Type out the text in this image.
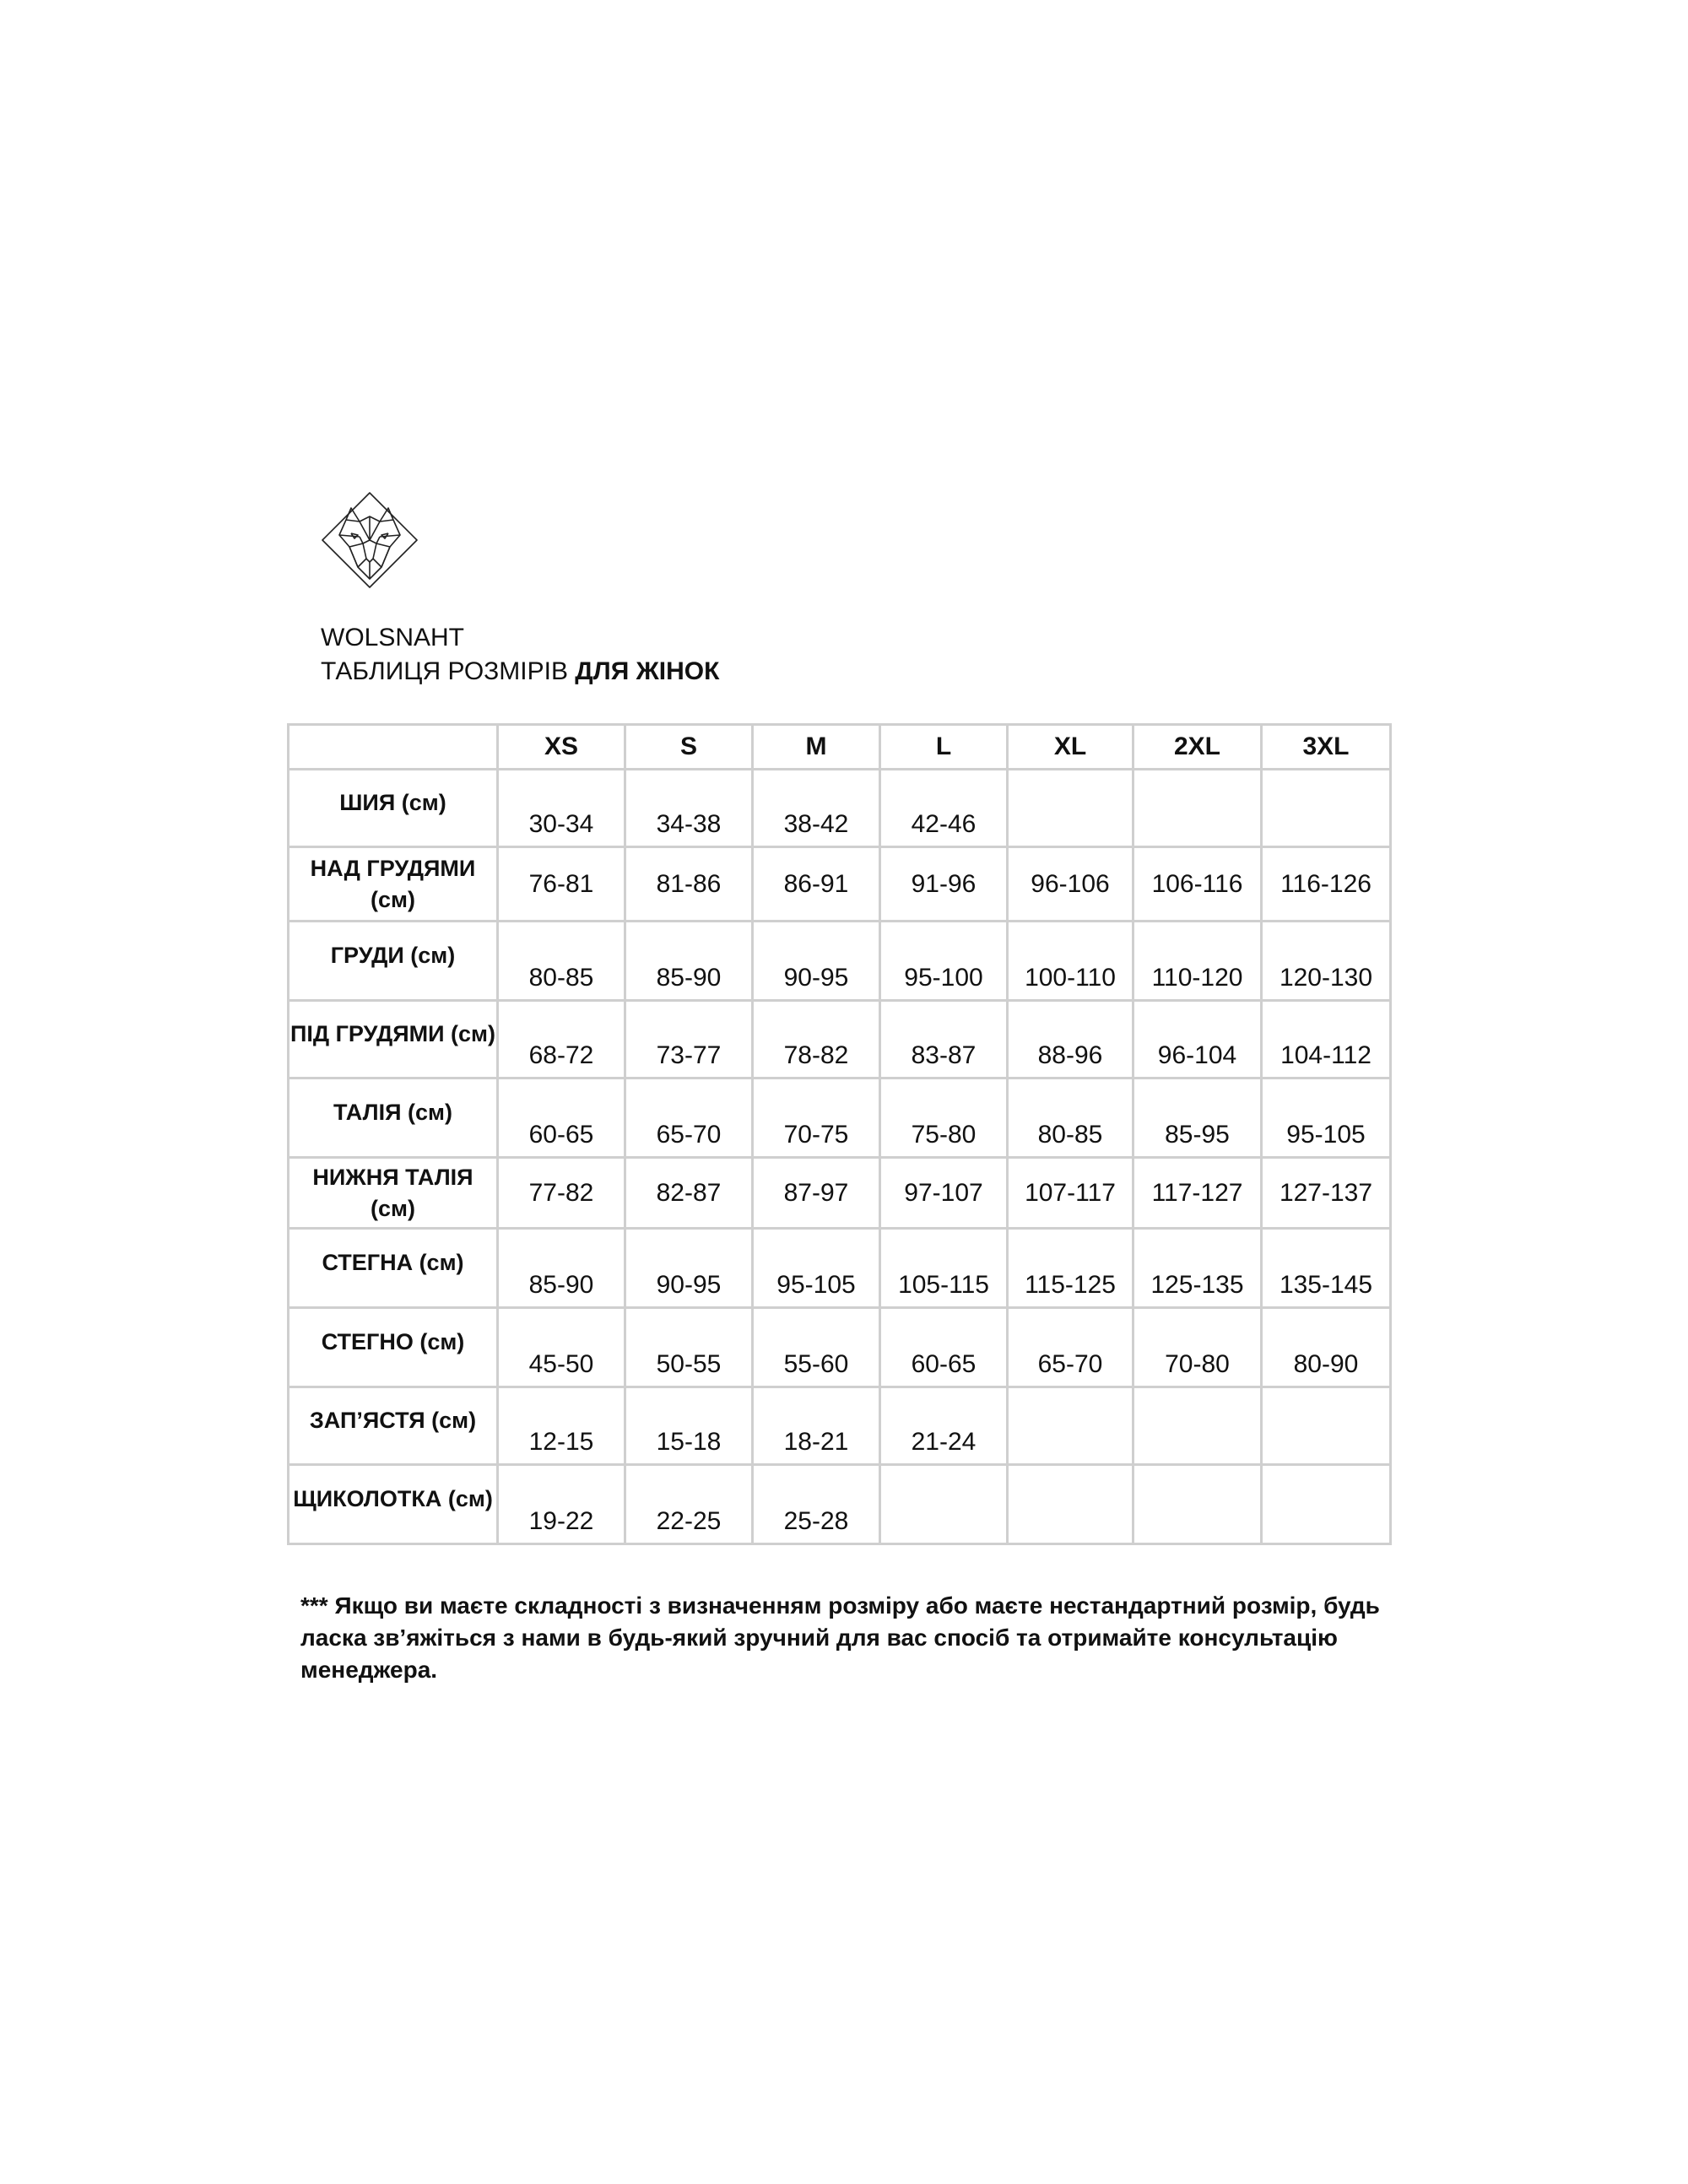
WOLSNAHT
ТАБЛИЦЯ РОЗМІРІВ ДЛЯ ЖІНОК
	XS	S	M	L	XL	2XL	3XL
ШИЯ (см)	30-34	34-38	38-42	42-46			
НАД ГРУДЯМИ (см)	76-81	81-86	86-91	91-96	96-106	106-116	116-126
ГРУДИ (см)	80-85	85-90	90-95	95-100	100-110	110-120	120-130
ПІД ГРУДЯМИ (см)	68-72	73-77	78-82	83-87	88-96	96-104	104-112
ТАЛІЯ (см)	60-65	65-70	70-75	75-80	80-85	85-95	95-105
НИЖНЯ ТАЛІЯ (см)	77-82	82-87	87-97	97-107	107-117	117-127	127-137
СТЕГНА (см)	85-90	90-95	95-105	105-115	115-125	125-135	135-145
СТЕГНО (см)	45-50	50-55	55-60	60-65	65-70	70-80	80-90
ЗАП’ЯСТЯ (см)	12-15	15-18	18-21	21-24			
ЩИКОЛОТКА (см)	19-22	22-25	25-28				
*** Якщо ви маєте складності з визначенням розміру або маєте нестандартний розмір, будь ласка зв’яжіться з нами в будь-який зручний для вас спосіб та отримайте консультацію менеджера.
